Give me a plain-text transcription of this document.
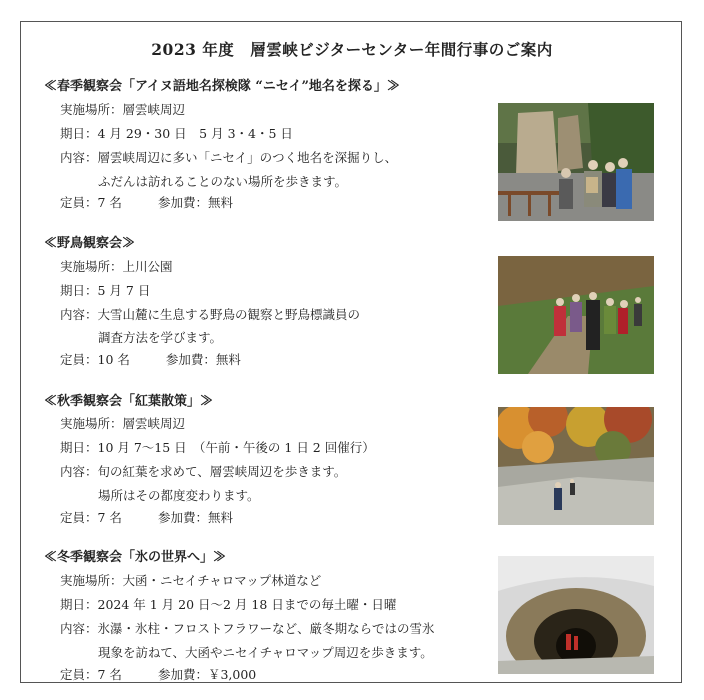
2023 年度　層雲峡ビジターセンター年間行事のご案内
≪春季観察会「アイヌ語地名探検隊 “ニセイ”地名を探る」≫
実施場所：層雲峡周辺
期日：4 月 29・30 日　5 月 3・4・5 日
内容：層雲峡周辺に多い「ニセイ」のつく地名を深掘りし、
ふだんは訪れることのない場所を歩きます。
定員：7 名	参加費：無料
≪野鳥観察会≫
実施場所：上川公園
期日：5 月 7 日
内容：大雪山麓に生息する野鳥の観察と野鳥標識員の
調査方法を学びます。
定員：10 名	参加費：無料
≪秋季観察会「紅葉散策」≫
実施場所：層雲峡周辺
期日：10 月 7～15 日　（午前・午後の 1 日 2 回催行）
内容：旬の紅葉を求めて、層雲峡周辺を歩きます。
場所はその都度変わります。
定員：7 名	参加費：無料
≪冬季観察会「氷の世界へ」≫
実施場所：大函・ニセイチャロマップ林道など
期日：2024 年 1 月 20 日～2 月 18 日までの毎土曜・日曜
内容：氷瀑・氷柱・フロストフラワーなど、厳冬期ならではの雪氷
現象を訪ねて、大函やニセイチャロマップ周辺を歩きます。
定員：7 名	参加費：￥3,000
